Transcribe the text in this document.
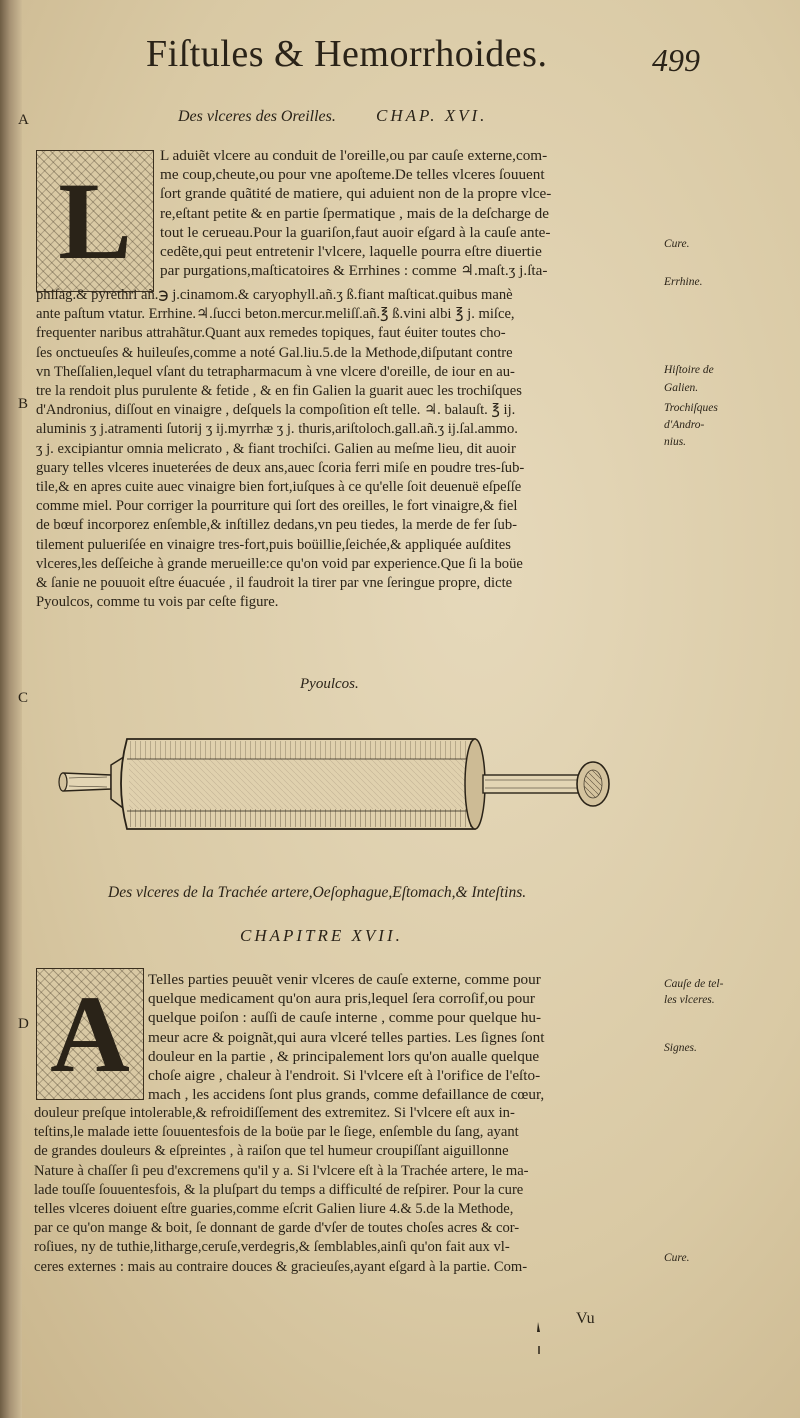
Fiſtules & Hemorrhoides.	499
A
B
C
D
Des vlceres des Oreilles. CHAP. XVI.
L
L aduiẽt vlcere au conduit de l'oreille,ou par cauſe externe,com-
me coup,cheute,ou pour vne apoſteme.De telles vlceres ſouuent
ſort grande quãtité de matiere, qui aduient non de la propre vlce-
re,eſtant petite & en partie ſpermatique , mais de la deſcharge de
tout le cerueau.Pour la guariſon,faut auoir eſgard à la cauſe ante-
cedẽte,qui peut entretenir l'vlcere, laquelle pourra eſtre diuertie
par purgations,maſticatoires & Errhines : comme ♃.maſt.ʒ j.ſta-
phiſag.& pyrethri añ.℈ j.cinamom.& caryophyll.añ.ʒ ß.fiant maſticat.quibus manè
ante paſtum vtatur. Errhine.♃.ſucci beton.mercur.meliſſ.añ.℥ ß.vini albi ℥ j. miſce,
frequenter naribus attrahãtur.Quant aux remedes topiques, faut éuiter toutes cho-
ſes onctueuſes & huileuſes,comme a noté Gal.liu.5.de la Methode,diſputant contre
vn Theſſalien,lequel vſant du tetrapharmacum à vne vlcere d'oreille, de iour en au-
tre la rendoit plus purulente & fetide , & en fin Galien la guarit auec les trochiſques
d'Andronius, diſſout en vinaigre , deſquels la compoſition eſt telle. ♃. balauſt. ℥ ij.
aluminis ʒ j.atramenti ſutorij ʒ ij.myrrhæ ʒ j. thuris,ariſtoloch.gall.añ.ʒ ij.ſal.ammo.
ʒ j. excipiantur omnia melicrato , & fiant trochiſci. Galien au meſme lieu, dit auoir
guary telles vlceres inueterées de deux ans,auec ſcoria ferri miſe en poudre tres-ſub-
tile,& en apres cuite auec vinaigre bien fort,iuſques à ce qu'elle ſoit deuenuë eſpeſſe
comme miel. Pour corriger la pourriture qui ſort des oreilles, le fort vinaigre,& fiel
de bœuf incorporez enſemble,& inſtillez dedans,vn peu tiedes, la merde de fer ſub-
tilement pulueriſée en vinaigre tres-fort,puis boüillie,ſeichée,& appliquée auſdites
vlceres,les deſſeiche à grande merueille:ce qu'on void par experience.Que ſi la boüe
& ſanie ne pouuoit eſtre éuacuée , il faudroit la tirer par vne ſeringue propre, dicte
Pyoulcos, comme tu vois par ceſte figure.
Cure.
Errhine.
Hiſtoire de
Galien.
Trochiſques
d'Andro-
nius.
Pyoulcos.
Des vlceres de la Trachée artere,Oeſophague,Eſtomach,& Inteſtins.
CHAPITRE XVII.
A	Telles parties peuuẽt venir vlceres de cauſe externe, comme pour
quelque medicament qu'on aura pris,lequel ſera corroſif,ou pour
quelque poiſon : auſſi de cauſe interne , comme pour quelque hu-
meur acre & poignãt,qui aura vlceré telles parties. Les ſignes ſont
douleur en la partie , & principalement lors qu'on aualle quelque
choſe aigre , chaleur à l'endroit. Si l'vlcere eſt à l'orifice de l'eſto-
mach , les accidens ſont plus grands, comme defaillance de cœur,
douleur preſque intolerable,& refroidiſſement des extremitez. Si l'vlcere eſt aux in-
teſtins,le malade iette ſouuentesfois de la boüe par le ſiege, enſemble du ſang, ayant
de grandes douleurs & eſpreintes , à raiſon que tel humeur croupiſſant aiguillonne
Nature à chaſſer ſi peu d'excremens qu'il y a. Si l'vlcere eſt à la Trachée artere, le ma-
lade touſſe ſouuentesfois, & la pluſpart du temps a difficulté de reſpirer. Pour la cure
telles vlceres doiuent eſtre guaries,comme eſcrit Galien liure 4.& 5.de la Methode,
par ce qu'on mange & boit, ſe donnant de garde d'vſer de toutes choſes acres & cor-
roſiues, ny de tuthie,litharge,ceruſe,verdegris,& ſemblables,ainſi qu'on fait aux vl-
ceres externes : mais au contraire douces & gracieuſes,ayant eſgard à la partie. Com-
Cauſe de tel-
les vlceres.
Signes.
Cure.
Vu
